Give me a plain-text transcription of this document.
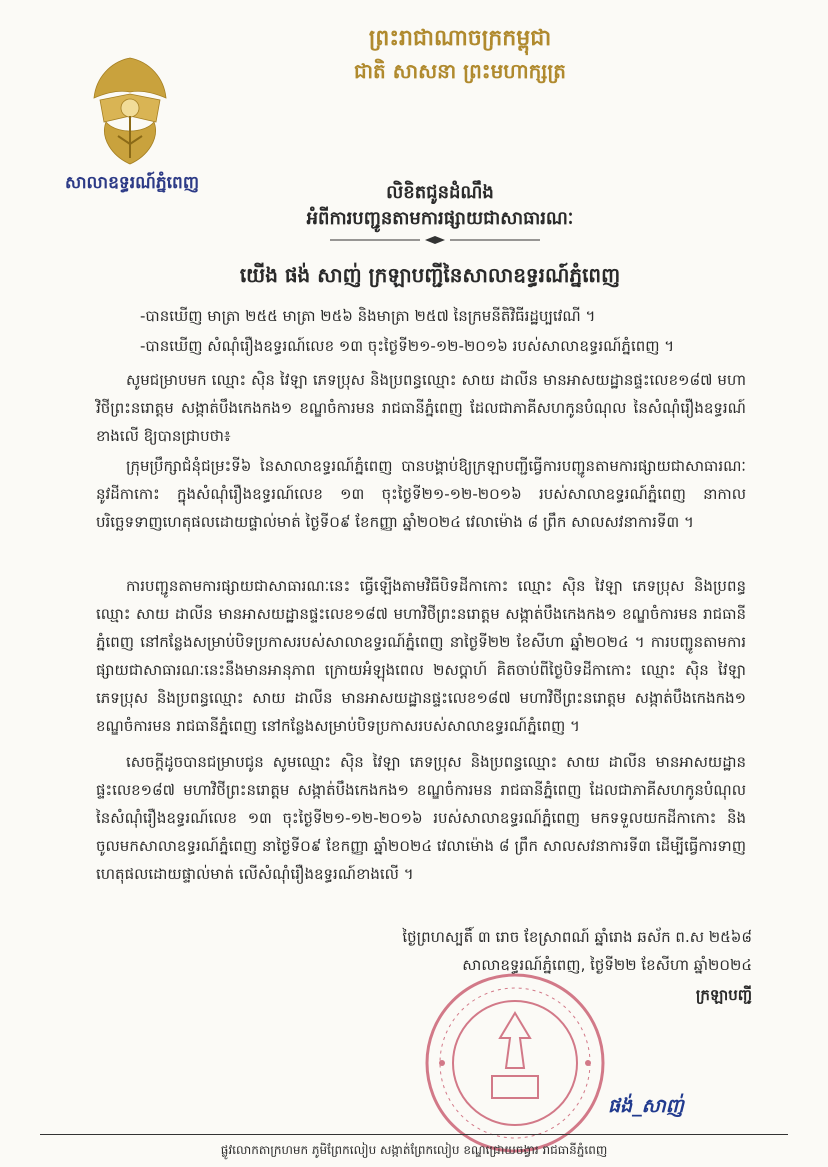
ព្រះរាជាណាចក្រកម្ពុជា
ជាតិ សាសនា ព្រះមហាក្សត្រ
សាលាឧទ្ធរណ៍ភ្នំពេញ	លិខិតជូនដំណឹង
អំពីការបញ្ជូនតាមការផ្សាយជាសាធារណៈ
យើង ផង់ សាញ់ ក្រឡាបញ្ជីនៃសាលាឧទ្ធរណ៍ភ្នំពេញ
-បានឃើញ មាត្រា ២៥៥ មាត្រា ២៥៦ និងមាត្រា ២៥៧ នៃក្រមនីតិវិធីរដ្ឋប្បវេណី ។
-បានឃើញ សំណុំរឿងឧទ្ធរណ៍លេខ ១៣ ចុះថ្ងៃទី២១-១២-២០១៦ របស់សាលាឧទ្ធរណ៍ភ្នំពេញ ។
សូមជម្រាបមក ឈ្មោះ ស៊ិន វៃឡា ភេទប្រុស និងប្រពន្ធឈ្មោះ សាយ ដាលីន មានអាសយដ្ឋានផ្ទះលេខ១៨៧ មហាវិថីព្រះនរោត្តម សង្កាត់បឹងកេងកង១ ខណ្ឌចំការមន រាជធានីភ្នំពេញ ដែលជាភាគីសហកូនបំណុល នៃសំណុំរឿងឧទ្ធរណ៍ខាងលើ ឱ្យបានជ្រាបថា៖
ក្រុមប្រឹក្សាជំនុំជម្រះទី៦ នៃសាលាឧទ្ធរណ៍ភ្នំពេញ បានបង្គាប់ឱ្យក្រឡាបញ្ជីធ្វើការបញ្ជូនតាមការផ្សាយជាសាធារណៈនូវដីកាកោះ ក្នុងសំណុំរឿងឧទ្ធរណ៍លេខ ១៣ ចុះថ្ងៃទី២១-១២-២០១៦ របស់សាលាឧទ្ធរណ៍ភ្នំពេញ នាកាលបរិច្ឆេទទាញហេតុផលដោយផ្ទាល់មាត់ ថ្ងៃទី០៩ ខែកញ្ញា ឆ្នាំ២០២៤ វេលាម៉ោង ៨ ព្រឹក សាលសវនាការទី៣ ។
ការបញ្ជូនតាមការផ្សាយជាសាធារណៈនេះ ធ្វើឡើងតាមវិធីបិទដីកាកោះ ឈ្មោះ ស៊ិន វៃឡា ភេទប្រុស និងប្រពន្ធឈ្មោះ សាយ ដាលីន មានអាសយដ្ឋានផ្ទះលេខ១៨៧ មហាវិថីព្រះនរោត្តម សង្កាត់បឹងកេងកង១ ខណ្ឌចំការមន រាជធានីភ្នំពេញ នៅកន្លែងសម្រាប់បិទប្រកាសរបស់សាលាឧទ្ធរណ៍ភ្នំពេញ នាថ្ងៃទី២២ ខែសីហា ឆ្នាំ២០២៤ ។ ការបញ្ជូនតាមការផ្សាយជាសាធារណៈនេះនឹងមានអានុភាព ក្រោយអំឡុងពេល ២សប្តាហ៍ គិតចាប់ពីថ្ងៃបិទដីកាកោះ ឈ្មោះ ស៊ិន វៃឡា ភេទប្រុស និងប្រពន្ធឈ្មោះ សាយ ដាលីន មានអាសយដ្ឋានផ្ទះលេខ១៨៧ មហាវិថីព្រះនរោត្តម សង្កាត់បឹងកេងកង១ ខណ្ឌចំការមន រាជធានីភ្នំពេញ នៅកន្លែងសម្រាប់បិទប្រកាសរបស់សាលាឧទ្ធរណ៍ភ្នំពេញ ។
សេចក្តីដូចបានជម្រាបជូន សូមឈ្មោះ ស៊ិន វៃឡា ភេទប្រុស និងប្រពន្ធឈ្មោះ សាយ ដាលីន មានអាសយដ្ឋានផ្ទះលេខ១៨៧ មហាវិថីព្រះនរោត្តម សង្កាត់បឹងកេងកង១ ខណ្ឌចំការមន រាជធានីភ្នំពេញ ដែលជាភាគីសហកូនបំណុល នៃសំណុំរឿងឧទ្ធរណ៍លេខ ១៣ ចុះថ្ងៃទី២១-១២-២០១៦ របស់សាលាឧទ្ធរណ៍ភ្នំពេញ មកទទួលយកដីកាកោះ និងចូលមកសាលាឧទ្ធរណ៍ភ្នំពេញ នាថ្ងៃទី០៩ ខែកញ្ញា ឆ្នាំ២០២៤ វេលាម៉ោង ៨ ព្រឹក សាលសវនាការទី៣ ដើម្បីធ្វើការទាញហេតុផលដោយផ្ទាល់មាត់ លើសំណុំរឿងឧទ្ធរណ៍ខាងលើ ។
ថ្ងៃព្រហស្បតិ៍ ៣ រោច ខែស្រាពណ៍ ឆ្នាំរោង ឆស័ក ព.ស ២៥៦៨
សាលាឧទ្ធរណ៍ភ្នំពេញ, ថ្ងៃទី២២ ខែសីហា ឆ្នាំ២០២៤
ក្រឡាបញ្ជី
ផង់_សាញ់
ផ្លូវលោកតាក្រហមក ភូមិព្រែកលៀប សង្កាត់ព្រែកលៀប ខណ្ឌជ្រោយចង្វារ រាជធានីភ្នំពេញ
